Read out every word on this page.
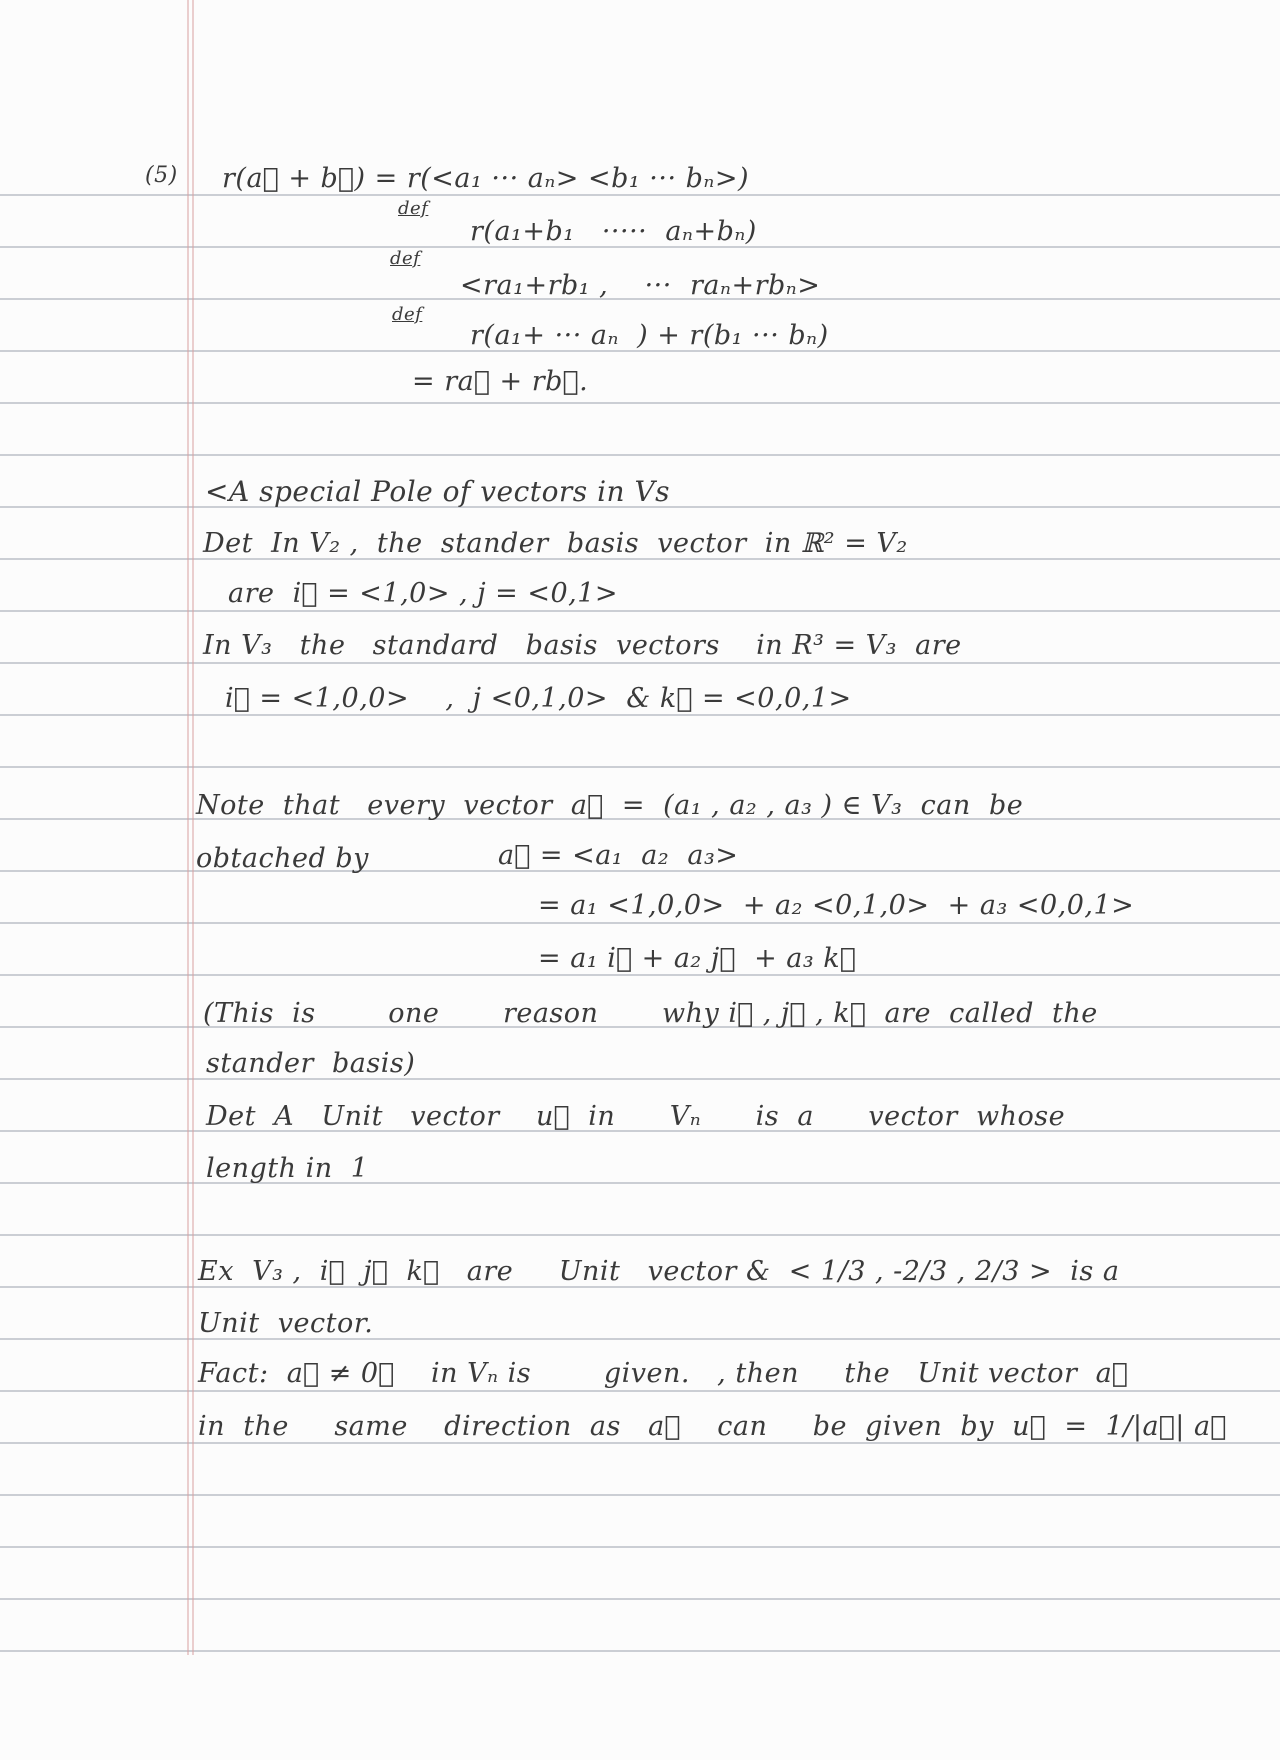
(5) r(a⃗ + b⃗) = r(<a₁ ··· aₙ> <b₁ ··· bₙ>)
def
r(a₁+b₁   ·····  aₙ+bₙ)
def
<ra₁+rb₁ ,    ···  raₙ+rbₙ>
def
r(a₁+ ··· aₙ  ) + r(b₁ ··· bₙ)
= ra⃗ + rb⃗.
<A special Pole of vectors in Vs
Det  In V₂ ,  the  stander  basis  vector  in ℝ² = V₂
are  i⃗ = <1,0> , j = <0,1>
In V₃   the   standard   basis  vectors    in R³ = V₃  are
i⃗ = <1,0,0>    ,  j <0,1,0>  & k⃗ = <0,0,1>
Note  that   every  vector  a⃗  =  (a₁ , a₂ , a₃ ) ∈ V₃  can  be
obtached by	a⃗ = <a₁  a₂  a₃>
= a₁ <1,0,0>  + a₂ <0,1,0>  + a₃ <0,0,1>
= a₁ i⃗ + a₂ j⃗  + a₃ k⃗
(This  is        one       reason       why i⃗ , j⃗ , k⃗  are  called  the
stander  basis)
Det  A   Unit   vector    u⃗  in      Vₙ      is  a      vector  whose
length in  1
Ex  V₃ ,  i⃗  j⃗  k⃗   are     Unit   vector &  < 1/3 , -2/3 , 2/3 >  is a
Unit  vector.
Fact:  a⃗ ≠ 0⃗    in Vₙ is        given.   , then     the   Unit vector  a⃗
in  the     same    direction  as   a⃗    can     be  given  by  u⃗  =  1/|a⃗| a⃗
